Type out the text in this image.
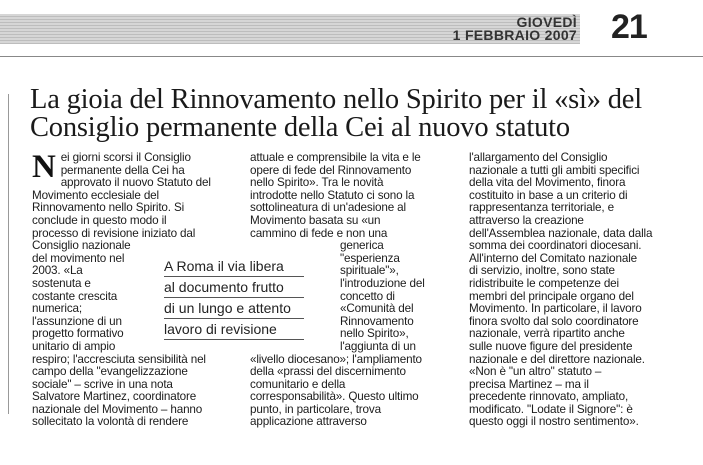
GIOVEDÌ
1 FEBBRAIO 2007 21
La gioia del Rinnovamento nello Spirito per il «sì» del Consiglio permanente della Cei al nuovo statuto
N ei giorni scorsi il Consiglio
permanente della Cei ha
approvato il nuovo Statuto del
Movimento ecclesiale del
Rinnovamento nello Spirito. Si
conclude in questo modo il
processo di revisione iniziato dal
Consiglio nazionale
del movimento nel
2003. «La
sostenuta e
costante crescita
numerica;
l'assunzione di un
progetto formativo
unitario di ampio
respiro; l'accresciuta sensibilità nel
campo della "evangelizzazione
sociale" – scrive in una nota
Salvatore Martinez, coordinatore
nazionale del Movimento – hanno
sollecitato la volontà di rendere
attuale e comprensibile la vita e le
opere di fede del Rinnovamento
nello Spirito». Tra le novità
introdotte nello Statuto ci sono la
sottolineatura di un'adesione al
Movimento basata su «un
cammino di fede e non una
generica
"esperienza
spirituale"»,
l'introduzione del
concetto di
«Comunità del
Rinnovamento
nello Spirito»,
l'aggiunta di un
«livello diocesano»; l'ampliamento
della «prassi del discernimento
comunitario e della
corresponsabilità». Questo ultimo
punto, in particolare, trova
applicazione attraverso
l'allargamento del Consiglio
nazionale a tutti gli ambiti specifici
della vita del Movimento, finora
costituito in base a un criterio di
rappresentanza territoriale, e
attraverso la creazione
dell'Assemblea nazionale, data dalla
somma dei coordinatori diocesani.
All'interno del Comitato nazionale
di servizio, inoltre, sono state
ridistribuite le competenze dei
membri del principale organo del
Movimento. In particolare, il lavoro
finora svolto dal solo coordinatore
nazionale, verrà ripartito anche
sulle nuove figure del presidente
nazionale e del direttore nazionale.
«Non è "un altro" statuto –
precisa Martinez – ma il
precedente rinnovato, ampliato,
modificato. "Lodate il Signore": è
questo oggi il nostro sentimento».
A Roma il via libera
al documento frutto
di un lungo e attento
lavoro di revisione
